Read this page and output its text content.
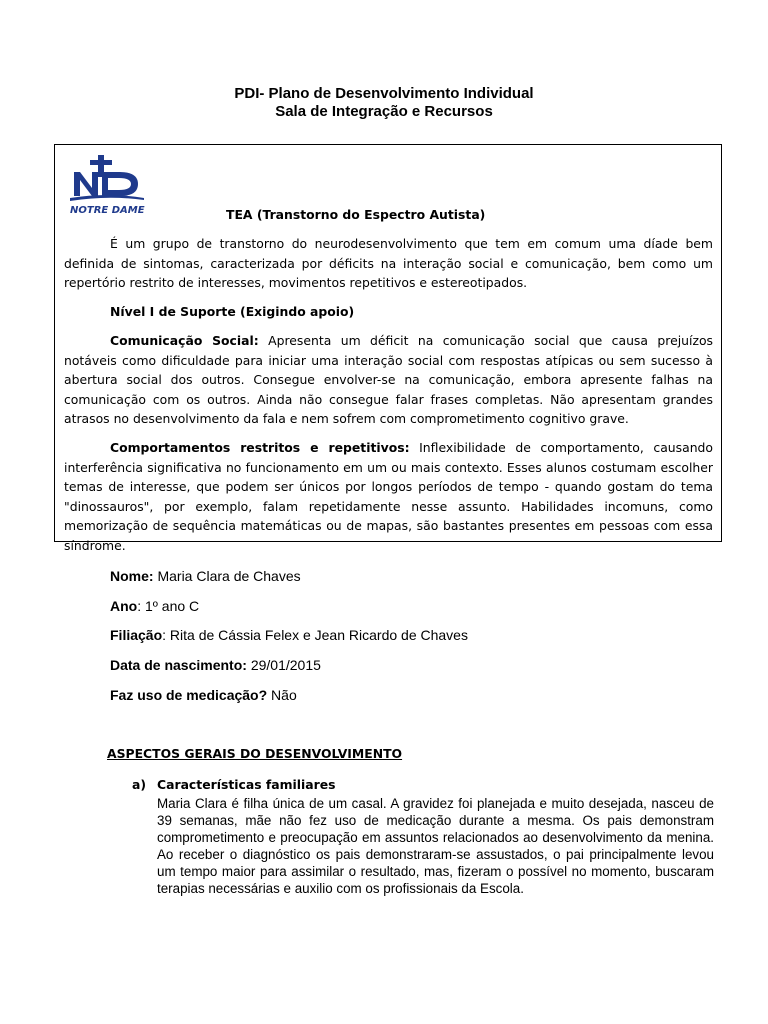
PDI- Plano de Desenvolvimento Individual
Sala de Integração e Recursos
NOTRE DAME	TEA (Transtorno do Espectro Autista)
É um grupo de transtorno do neurodesenvolvimento que tem em comum uma díade bem definida de sintomas, caracterizada por déficits na interação social e comunicação, bem como um repertório restrito de interesses, movimentos repetitivos e estereotipados.
Nível I de Suporte (Exigindo apoio)
Comunicação Social: Apresenta um déficit na comunicação social que causa prejuízos notáveis como dificuldade para iniciar uma interação social com respostas atípicas ou sem sucesso à abertura social dos outros. Consegue envolver-se na comunicação, embora apresente falhas na comunicação com os outros. Ainda não consegue falar frases completas. Não apresentam grandes atrasos no desenvolvimento da fala e nem sofrem com comprometimento cognitivo grave.
Comportamentos restritos e repetitivos: Inflexibilidade de comportamento, causando interferência significativa no funcionamento em um ou mais contexto. Esses alunos costumam escolher temas de interesse, que podem ser únicos por longos períodos de tempo - quando gostam do tema "dinossauros", por exemplo, falam repetidamente nesse assunto. Habilidades incomuns, como memorização de sequência matemáticas ou de mapas, são bastantes presentes em pessoas com essa síndrome.
Nome: Maria Clara de Chaves
Ano: 1º ano C
Filiação: Rita de Cássia Felex e Jean Ricardo de Chaves
Data de nascimento: 29/01/2015
Faz uso de medicação? Não
ASPECTOS GERAIS DO DESENVOLVIMENTO
a) Características familiares
Maria Clara é filha única de um casal. A gravidez foi planejada e muito desejada, nasceu de 39 semanas, mãe não fez uso de medicação durante a mesma. Os pais demonstram comprometimento e preocupação em assuntos relacionados ao desenvolvimento da menina. Ao receber o diagnóstico os pais demonstraram-se assustados, o pai principalmente levou um tempo maior para assimilar o resultado, mas, fizeram o possível no momento, buscaram terapias necessárias e auxilio com os profissionais da Escola.
